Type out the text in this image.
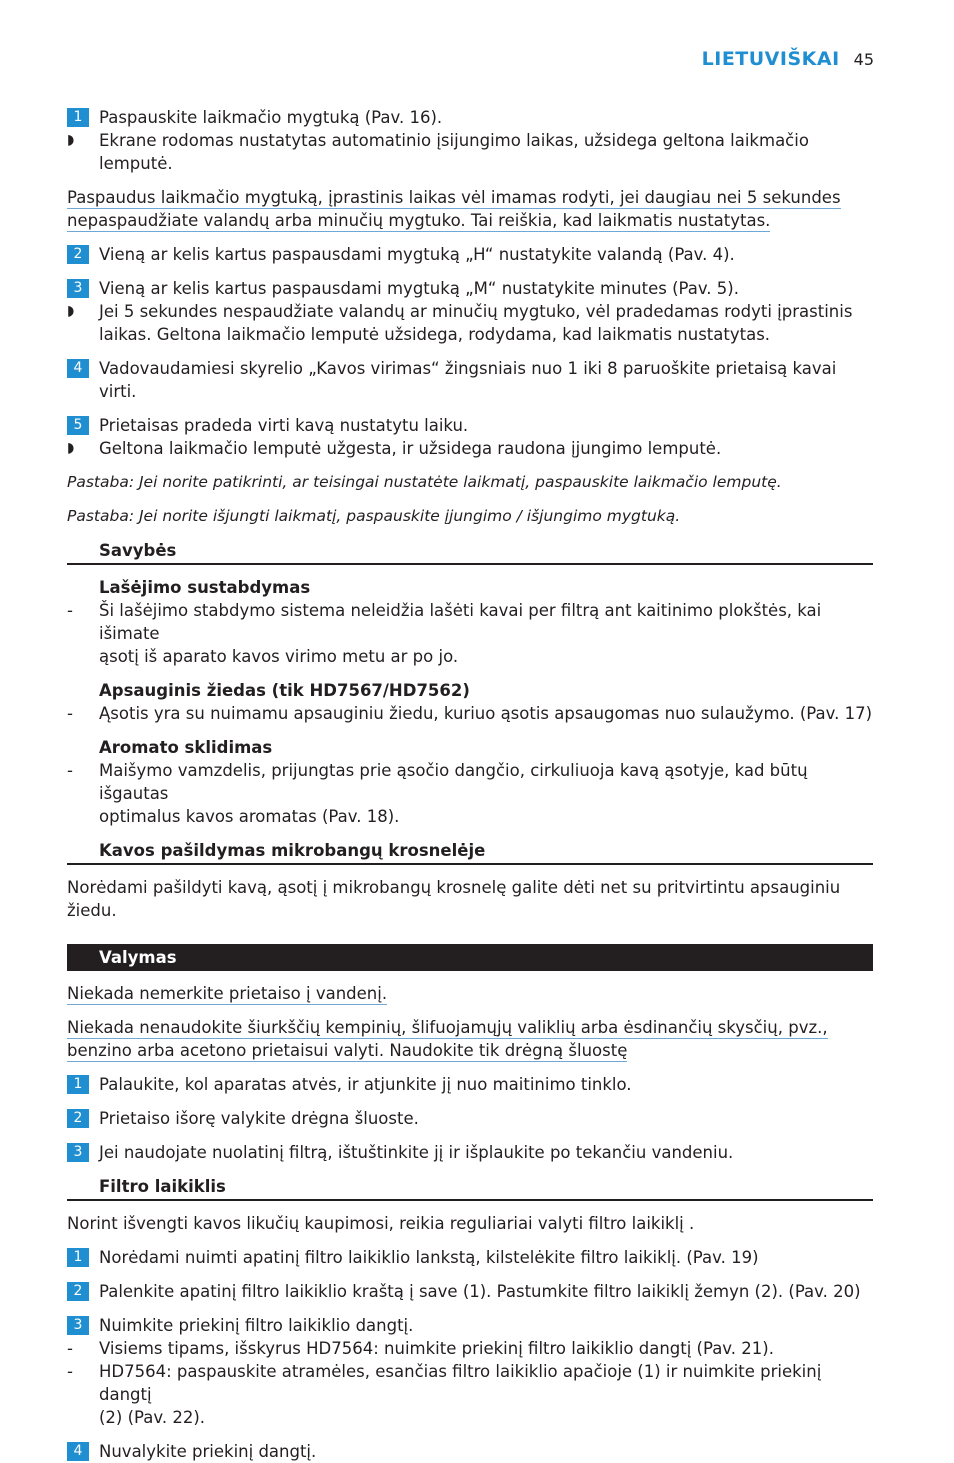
LIETUVIŠKAI 45
1	Paspauskite laikmačio mygtuką (Pav. 16).
◗	Ekrane rodomas nustatytas automatinio įsijungimo laikas, užsidega geltona laikmačio lemputė.
Paspaudus laikmačio mygtuką, įprastinis laikas vėl imamas rodyti, jei daugiau nei 5 sekundes
nepaspaudžiate valandų arba minučių mygtuko. Tai reiškia, kad laikmatis nustatytas.
2	Vieną ar kelis kartus paspausdami mygtuką „H“ nustatykite valandą (Pav. 4).
3	Vieną ar kelis kartus paspausdami mygtuką „M“ nustatykite minutes (Pav. 5).
◗	Jei 5 sekundes nespaudžiate valandų ar minučių mygtuko, vėl pradedamas rodyti įprastinis
laikas. Geltona laikmačio lemputė užsidega, rodydama, kad laikmatis nustatytas.
4	Vadovaudamiesi skyrelio „Kavos virimas“ žingsniais nuo 1 iki 8 paruoškite prietaisą kavai virti.
5	Prietaisas pradeda virti kavą nustatytu laiku.
◗	Geltona laikmačio lemputė užgesta, ir užsidega raudona įjungimo lemputė.
Pastaba: Jei norite patikrinti, ar teisingai nustatėte laikmatį, paspauskite laikmačio lemputę.
Pastaba: Jei norite išjungti laikmatį, paspauskite įjungimo / išjungimo mygtuką.
Savybės
Lašėjimo sustabdymas
-	Ši lašėjimo stabdymo sistema neleidžia lašėti kavai per filtrą ant kaitinimo plokštės, kai išimate
ąsotį iš aparato kavos virimo metu ar po jo.
Apsauginis žiedas (tik HD7567/HD7562)
-	Ąsotis yra su nuimamu apsauginiu žiedu, kuriuo ąsotis apsaugomas nuo sulaužymo. (Pav. 17)
Aromato sklidimas
-	Maišymo vamzdelis, prijungtas prie ąsočio dangčio, cirkuliuoja kavą ąsotyje, kad būtų išgautas
optimalus kavos aromatas (Pav. 18).
Kavos pašildymas mikrobangų krosnelėje
Norėdami pašildyti kavą, ąsotį į mikrobangų krosnelę galite dėti net su pritvirtintu apsauginiu žiedu.
Valymas
Niekada nemerkite prietaiso į vandenį.
Niekada nenaudokite šiurkščių kempinių, šlifuojamųjų valiklių arba ėsdinančių skysčių, pvz.,
benzino arba acetono prietaisui valyti. Naudokite tik drėgną šluostę
1	Palaukite, kol aparatas atvės, ir atjunkite jį nuo maitinimo tinklo.
2	Prietaiso išorę valykite drėgna šluoste.
3	Jei naudojate nuolatinį filtrą, ištuštinkite jį ir išplaukite po tekančiu vandeniu.
Filtro laikiklis
Norint išvengti kavos likučių kaupimosi, reikia reguliariai valyti filtro laikiklį .
1	Norėdami nuimti apatinį filtro laikiklio lankstą, kilstelėkite filtro laikiklį. (Pav. 19)
2	Palenkite apatinį filtro laikiklio kraštą į save (1). Pastumkite filtro laikiklį žemyn (2). (Pav. 20)
3	Nuimkite priekinį filtro laikiklio dangtį.
-	Visiems tipams, išskyrus HD7564: nuimkite priekinį filtro laikiklio dangtį (Pav. 21).
-	HD7564: paspauskite atramėles, esančias filtro laikiklio apačioje (1) ir nuimkite priekinį dangtį
(2) (Pav. 22).
4	Nuvalykite priekinį dangtį.
